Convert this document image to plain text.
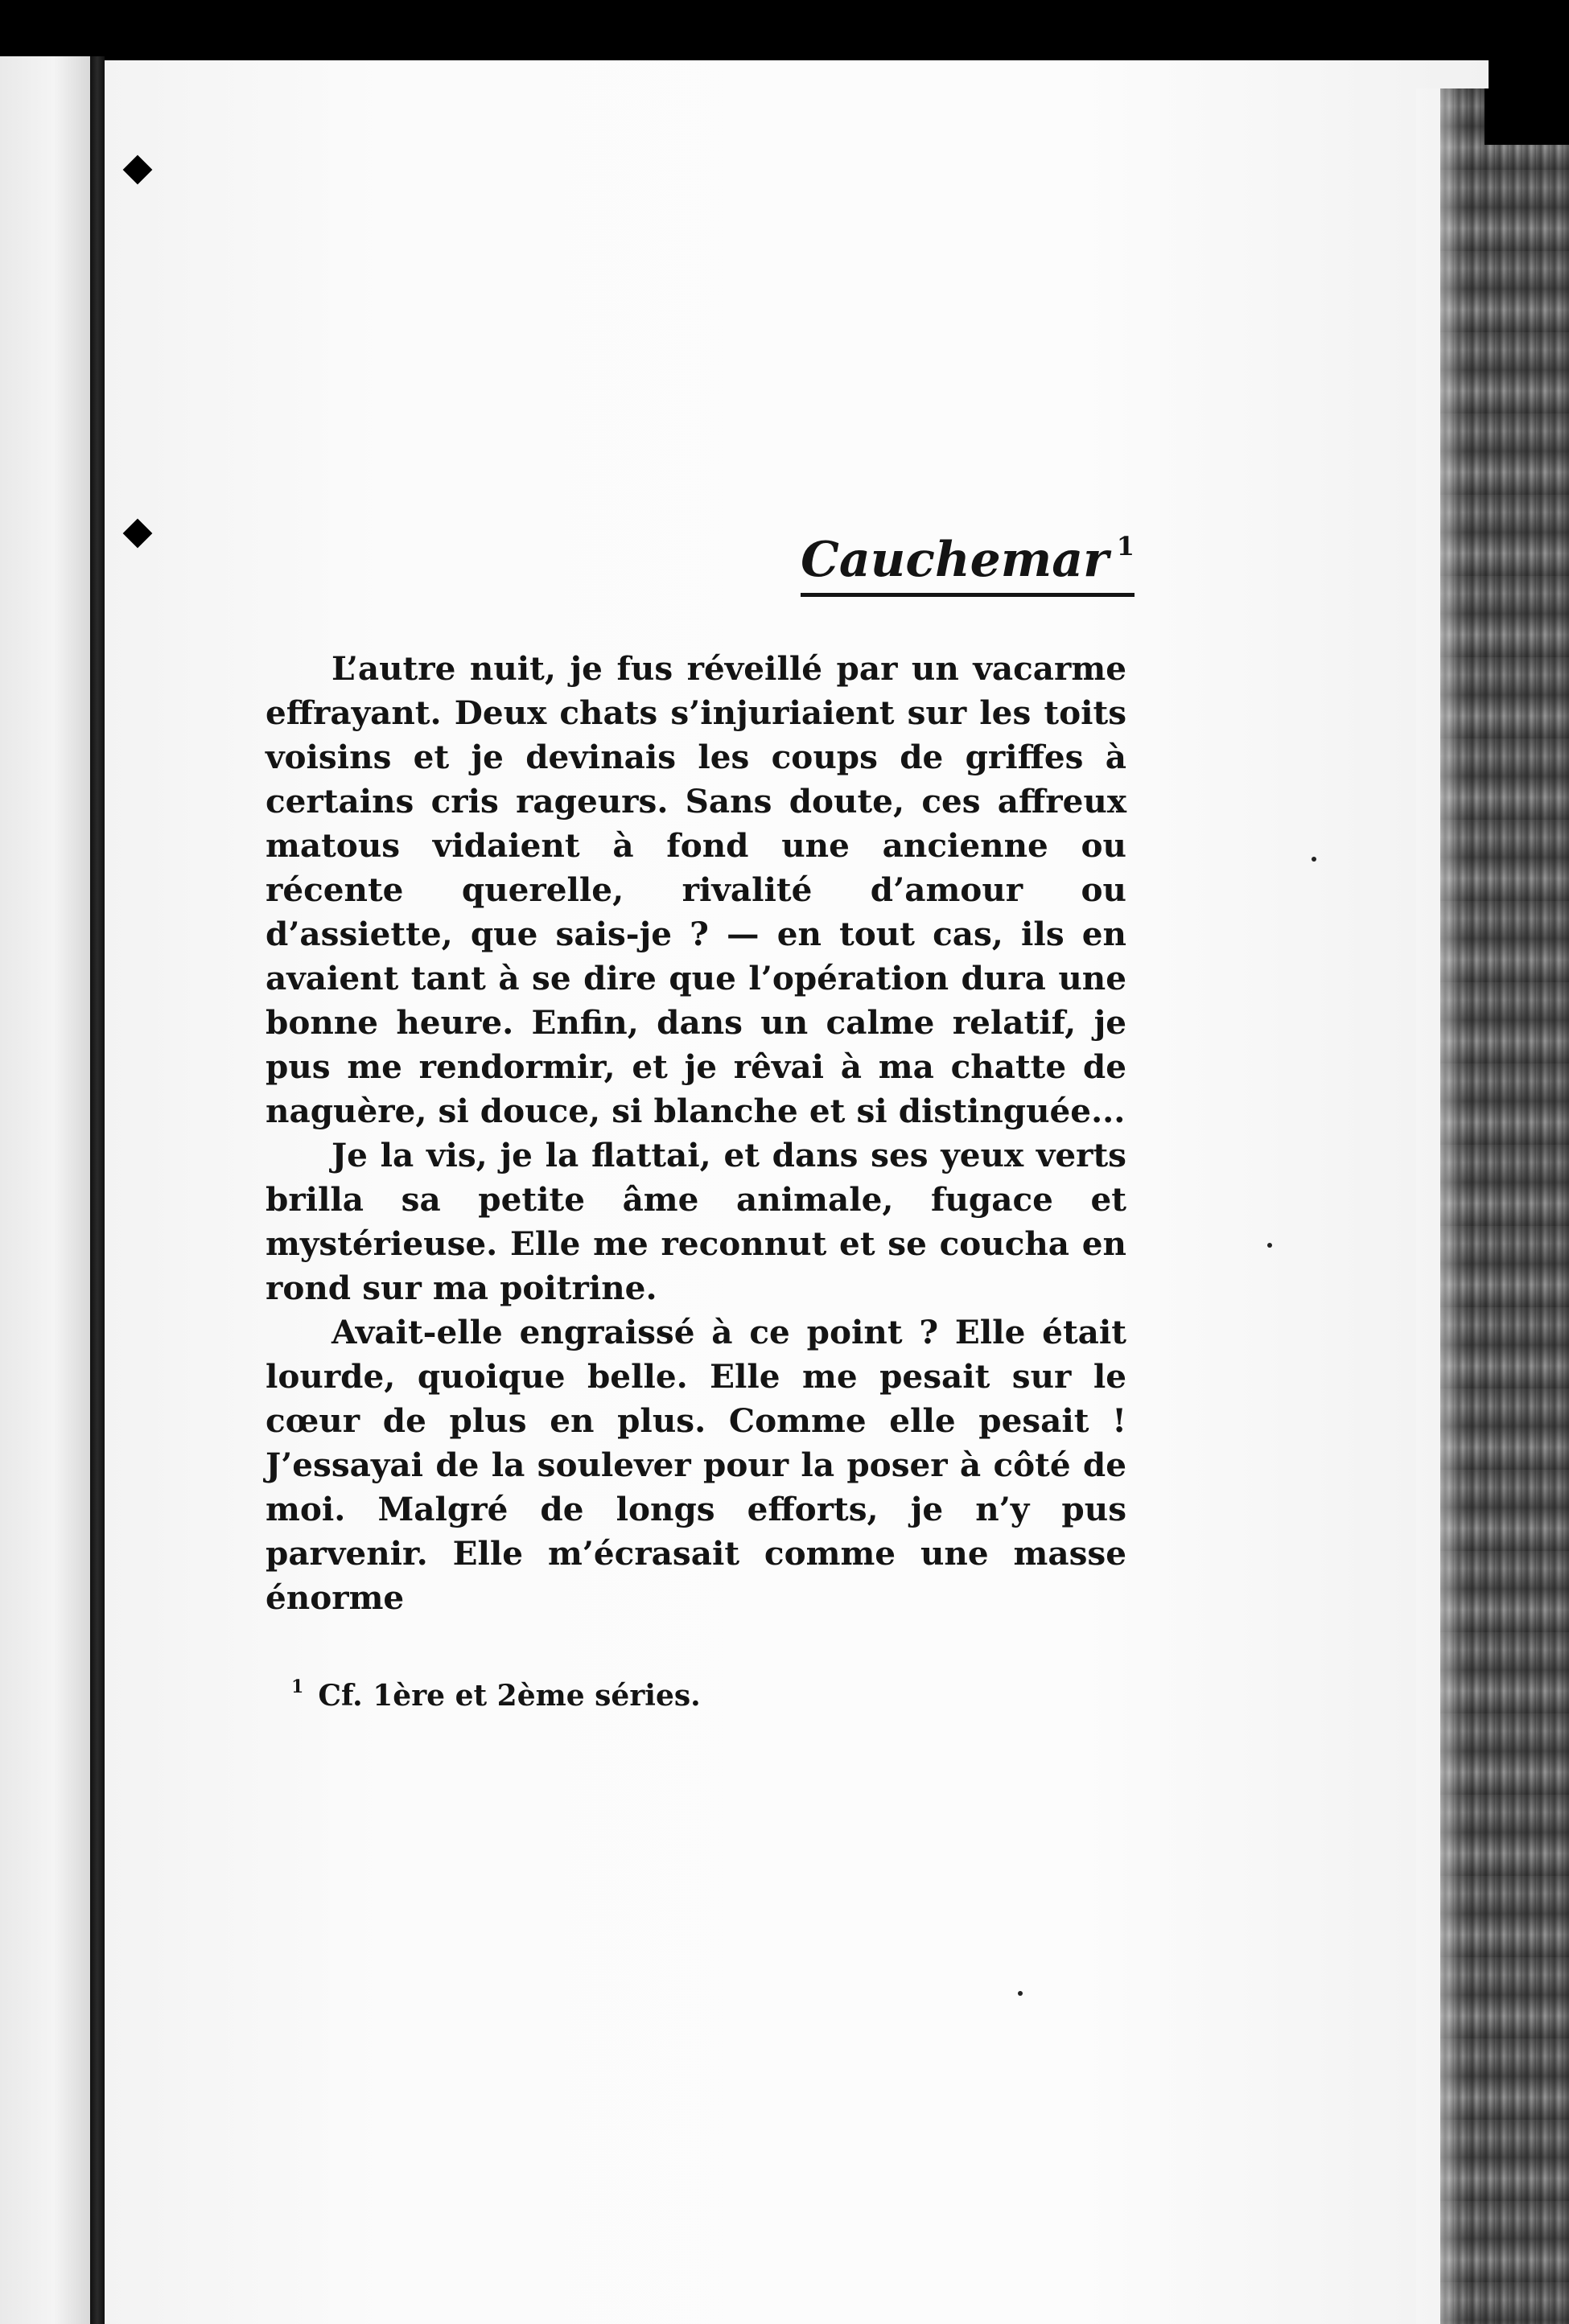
Cauchemar $^1$

L’autre nuit, je fus réveillé par un vacarme effrayant. Deux chats s’injuriaient sur les toits voisins et je devinais les coups de griffes à certains cris rageurs. Sans doute, ces affreux matous vidaient à fond une ancienne ou récente querelle, rivalité d’amour ou d’assiette, que sais-je ? — en tout cas, ils en avaient tant à se dire que l’opération dura une bonne heure. Enfin, dans un calme relatif, je pus me rendormir, et je rêvai à ma chatte de naguère, si douce, si blanche et si distinguée...

Je la vis, je la flattai, et dans ses yeux verts brilla sa petite âme animale, fugace et mystérieuse. Elle me reconnut et se coucha en rond sur ma poitrine.

Avait-elle engraissé à ce point ? Elle était lourde, quoique belle. Elle me pesait sur le cœur de plus en plus. Comme elle pesait ! J’essayai de la soulever pour la poser à côté de moi. Malgré de longs efforts, je n’y pus parvenir. Elle m’écrasait comme une masse énorme

$^1$ Cf. 1ère et 2ème séries.
